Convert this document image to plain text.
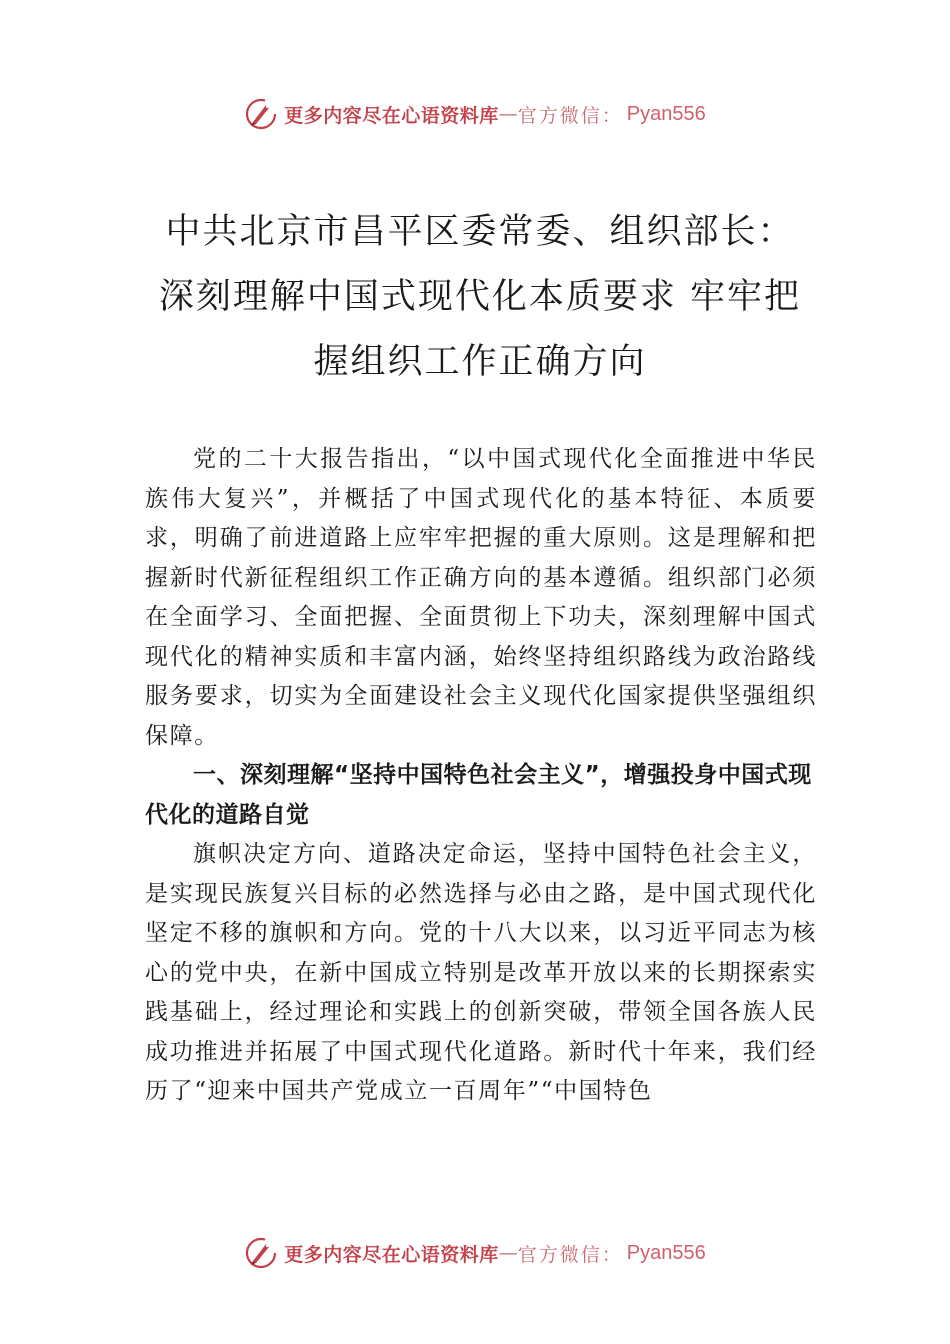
更多内容尽在心语资料库 — 官方微信： Pyan556
中共北京市昌平区委常委、组织部长：深刻理解中国式现代化本质要求 牢牢把握组织工作正确方向

党的二十大报告指出，“以中国式现代化全面推进中华民族伟大复兴”，并概括了中国式现代化的基本特征、本质要求，明确了前进道路上应牢牢把握的重大原则。这是理解和把握新时代新征程组织工作正确方向的基本遵循。组织部门必须在全面学习、全面把握、全面贯彻上下功夫，深刻理解中国式现代化的精神实质和丰富内涵，始终坚持组织路线为政治路线服务要求，切实为全面建设社会主义现代化国家提供坚强组织保障。

一、深刻理解“坚持中国特色社会主义”，增强投身中国式现代化的道路自觉

旗帜决定方向、道路决定命运，坚持中国特色社会主义，是实现民族复兴目标的必然选择与必由之路，是中国式现代化坚定不移的旗帜和方向。党的十八大以来，以习近平同志为核心的党中央，在新中国成立特别是改革开放以来的长期探索实践基础上，经过理论和实践上的创新突破，带领全国各族人民成功推进并拓展了中国式现代化道路。新时代十年来，我们经历了“迎来中国共产党成立一百周年”“中国特色

更多内容尽在心语资料库 — 官方微信： Pyan556
